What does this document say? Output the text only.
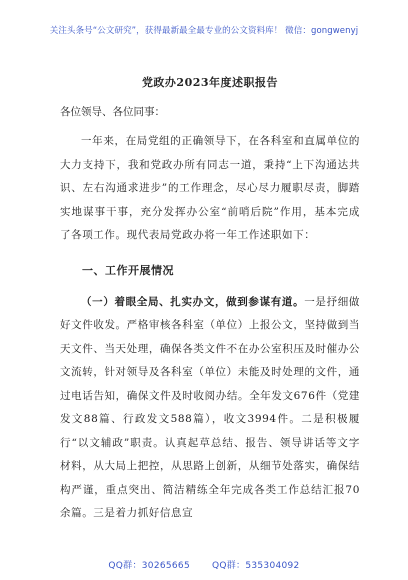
关注头条号“公文研究”，获得最新最全最专业的公文资料库！ 微信：gongwenyj
党政办2023年度述职报告
各位领导、各位同事：
一年来，在局党组的正确领导下，在各科室和直属单位的大力支持下，我和党政办所有同志一道，秉持“上下沟通达共识、左右沟通求进步”的工作理念，尽心尽力履职尽责，脚踏实地谋事干事，充分发挥办公室“前哨后院”作用，基本完成了各项工作。现代表局党政办将一年工作述职如下：
一、工作开展情况
（一）着眼全局、扎实办文，做到参谋有道。一是抒细做好文件收发。严格审核各科室（单位）上报公文，坚持做到当天文件、当天处理，确保各类文件不在办公室积压及时催办公文流转，针对领导及各科室（单位）未能及时处理的文件，通过电话告知，确保文件及时收阅办结。全年发文676件（党建发文88篇、行政发文588篇），收文3994件。二是积极履行“以文辅政”职责。认真起草总结、报告、领导讲话等文字材料，从大局上把控，从思路上创新，从细节处落实，确保结构严谨，重点突出、简洁精练全年完成各类工作总结汇报70余篇。三是着力抓好信息宣
QQ群：30265665 QQ群：535304092
